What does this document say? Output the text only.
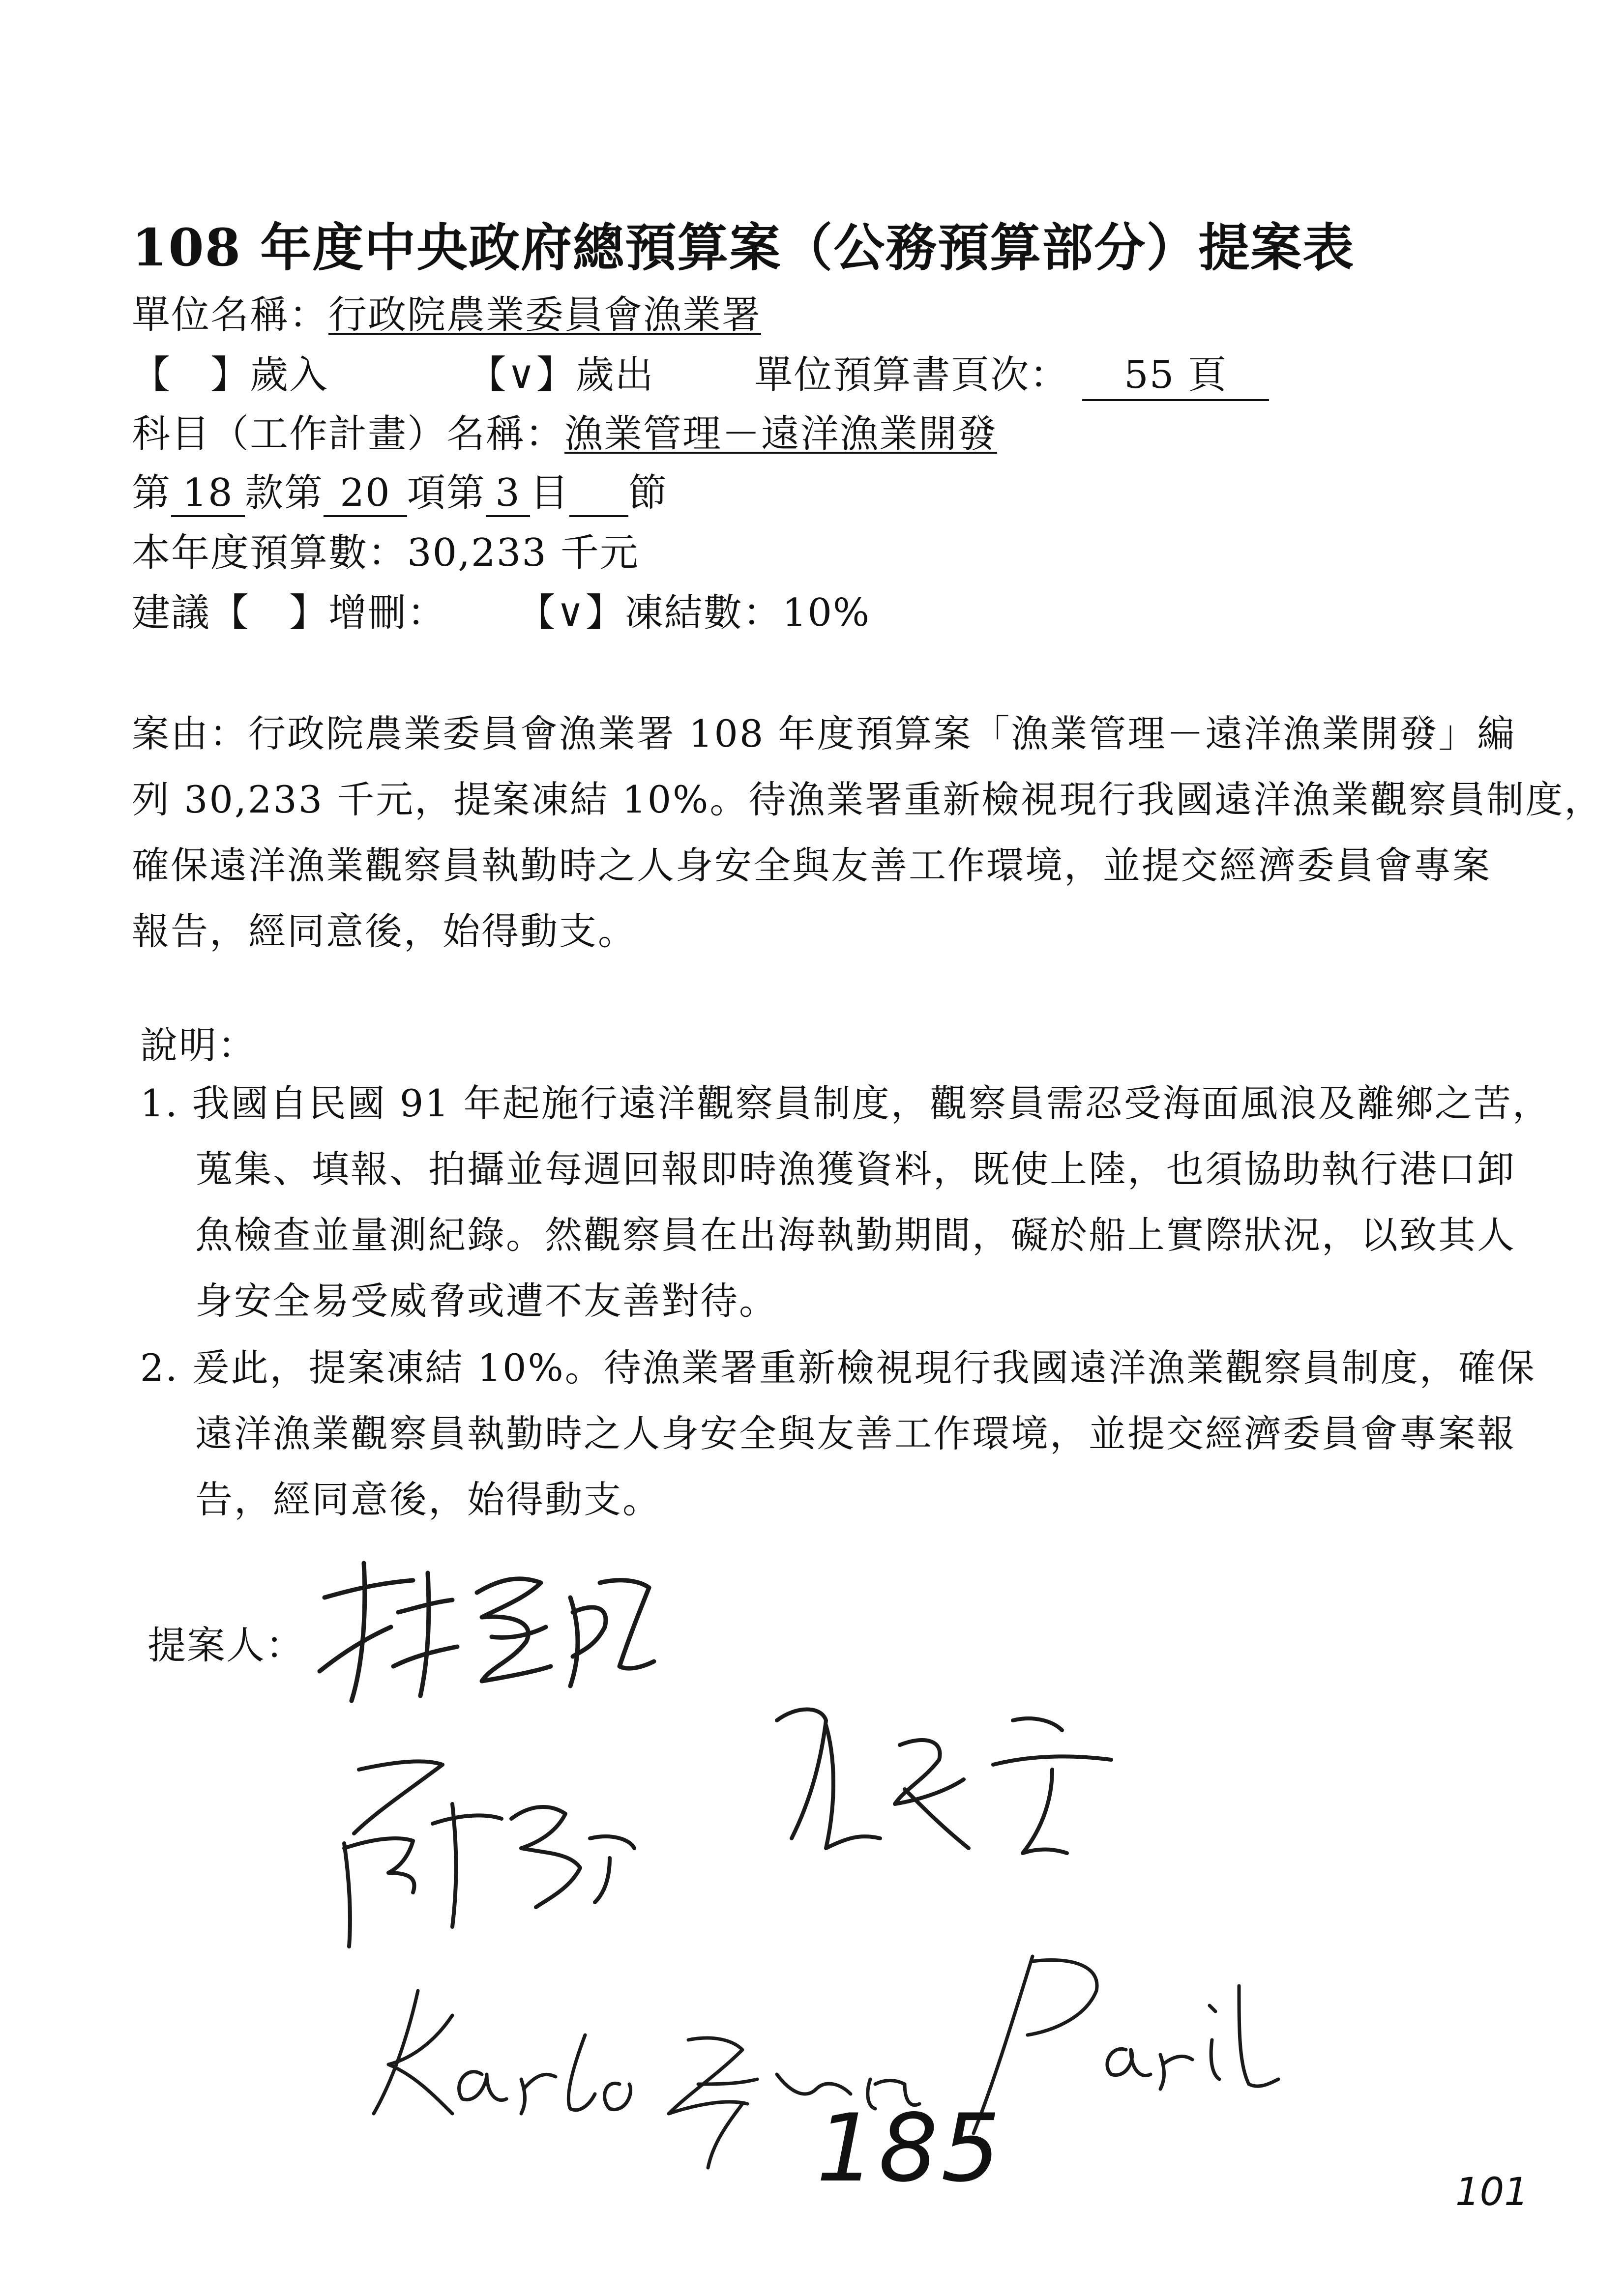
108 年度中央政府總預算案（公務預算部分）提案表
單位名稱：行政院農業委員會漁業署
【　】歲入	【∨】歲出	單位預算書頁次： 55 頁
科目（工作計畫）名稱：漁業管理－遠洋漁業開發
第 18 款第 20 項第 3 目 節
本年度預算數：30,233 千元
建議【　】增刪： 【∨】凍結數：10%
案由：行政院農業委員會漁業署 108 年度預算案「漁業管理－遠洋漁業開發」編
列 30,233 千元，提案凍結 10%。待漁業署重新檢視現行我國遠洋漁業觀察員制度，
確保遠洋漁業觀察員執勤時之人身安全與友善工作環境，並提交經濟委員會專案
報告，經同意後，始得動支。
說明：
1. 我國自民國 91 年起施行遠洋觀察員制度，觀察員需忍受海面風浪及離鄉之苦，
蒐集、填報、拍攝並每週回報即時漁獲資料，既使上陸，也須協助執行港口卸
魚檢查並量測紀錄。然觀察員在出海執勤期間，礙於船上實際狀況，以致其人
身安全易受威脅或遭不友善對待。
2. 爰此，提案凍結 10%。待漁業署重新檢視現行我國遠洋漁業觀察員制度，確保
遠洋漁業觀察員執勤時之人身安全與友善工作環境，並提交經濟委員會專案報
告，經同意後，始得動支。
提案人：
185	101
